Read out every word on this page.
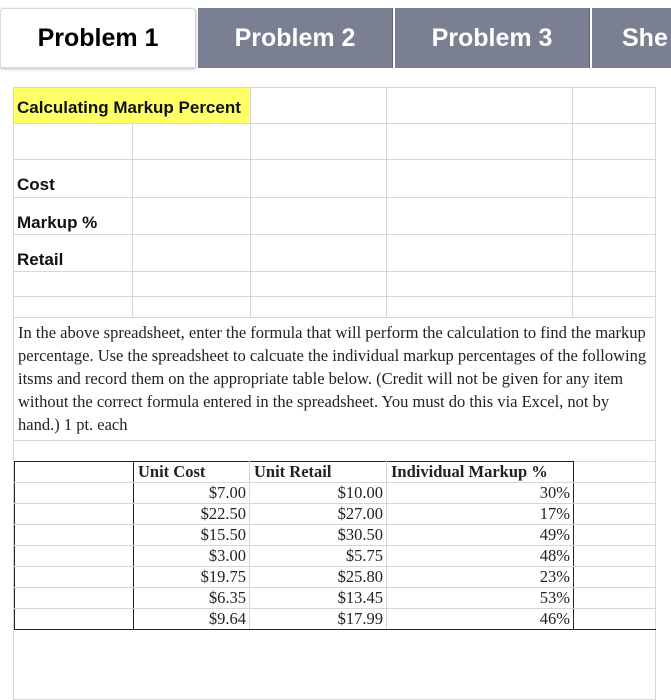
Problem 1	Problem 2	Problem 3	She
Calculating Markup Percent
Cost
Markup %
Retail

In the above spreadsheet, enter the formula that will perform the calculation to find the markup percentage. Use the spreadsheet to calcuate the individual markup percentages of the following itsms and record them on the appropriate table below. (Credit will not be given for any item without the correct formula entered in the spreadsheet. You must do this via Excel, not by hand.) 1 pt. each

	Unit Cost	Unit Retail	Individual Markup %	
	$7.00	$10.00	30%	
	$22.50	$27.00	17%	
	$15.50	$30.50	49%	
	$3.00	$5.75	48%	
	$19.75	$25.80	23%	
	$6.35	$13.45	53%	
	$9.64	$17.99	46%	
